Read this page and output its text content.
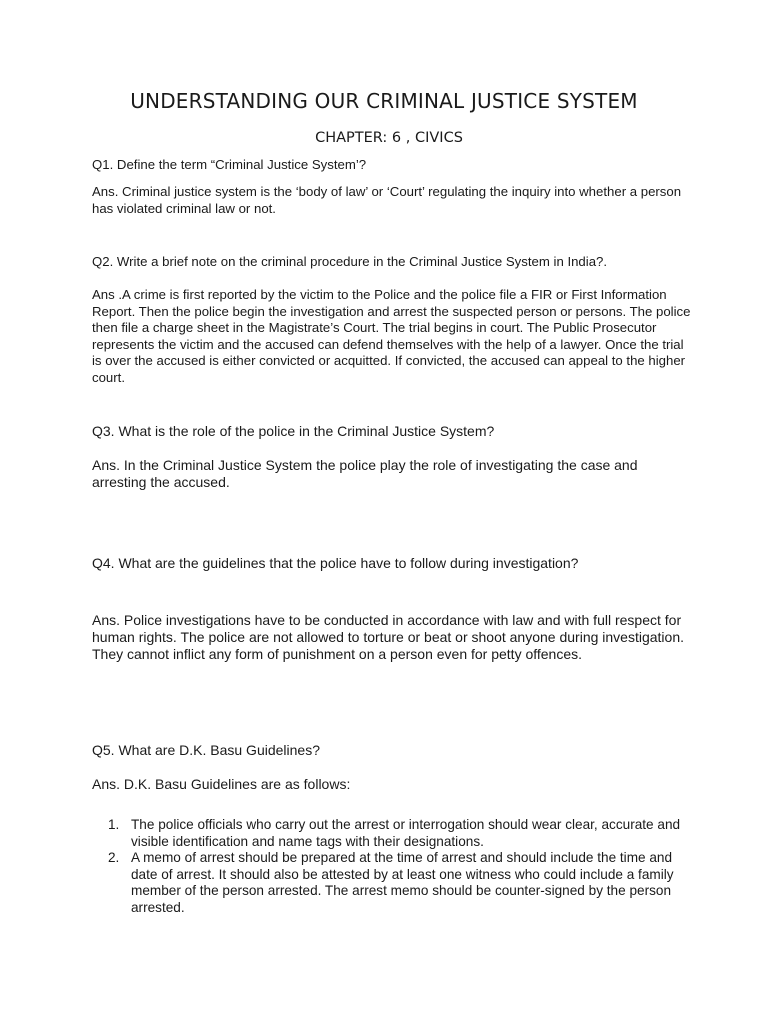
UNDERSTANDING OUR CRIMINAL JUSTICE SYSTEM
CHAPTER: 6 , CIVICS
Q1. Define the term “Criminal Justice System’?
Ans. Criminal justice system is the ‘body of law’ or ‘Court’ regulating the inquiry into whether a person has violated criminal law or not.
Q2. Write a brief note on the criminal procedure in the Criminal Justice System in India?.
Ans .A crime is first reported by the victim to the Police and the police file a FIR or First Information Report. Then the police begin the investigation and arrest the suspected person or persons. The police then file a charge sheet in the Magistrate’s Court. The trial begins in court. The Public Prosecutor represents the victim and the accused can defend themselves with the help of a lawyer. Once the trial is over the accused is either convicted or acquitted. If convicted, the accused can appeal to the higher court.
Q3. What is the role of the police in the Criminal Justice System?
Ans. In the Criminal Justice System the police play the role of investigating the case and arresting the accused.
Q4. What are the guidelines that the police have to follow during investigation?
Ans. Police investigations have to be conducted in accordance with law and with full respect for human rights. The police are not allowed to torture or beat or shoot anyone during investigation. They cannot inflict any form of punishment on a person even for petty offences.
Q5. What are D.K. Basu Guidelines?
Ans. D.K. Basu Guidelines are as follows:
1. The police officials who carry out the arrest or interrogation should wear clear, accurate and visible identification and name tags with their designations.
2. A memo of arrest should be prepared at the time of arrest and should include the time and date of arrest. It should also be attested by at least one witness who could include a family member of the person arrested. The arrest memo should be counter-signed by the person arrested.
